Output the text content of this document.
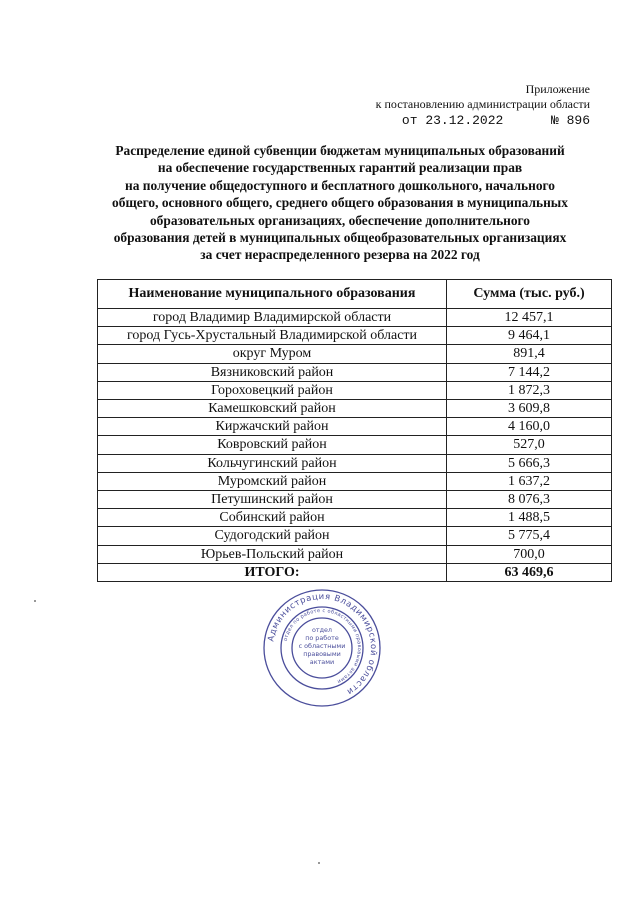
Приложение
к постановлению администрации области
от 23.12.2022	№ 896
Распределение единой субвенции бюджетам муниципальных образований
на обеспечение государственных гарантий реализации прав
на получение общедоступного и бесплатного дошкольного, начального
общего, основного общего, среднего общего образования в муниципальных
образовательных организациях, обеспечение дополнительного
образования детей в муниципальных общеобразовательных организациях
за счет нераспределенного резерва на 2022 год
Наименование муниципального образования	Сумма (тыс. руб.)
город Владимир Владимирской области	12 457,1
город Гусь-Хрустальный Владимирской области	9 464,1
округ Муром	891,4
Вязниковский район	7 144,2
Гороховецкий район	1 872,3
Камешковский район	3 609,8
Киржачский район	4 160,0
Ковровский район	527,0
Кольчугинский район	5 666,3
Муромский район	1 637,2
Петушинский район	8 076,3
Собинский район	1 488,5
Судогодский район	5 775,4
Юрьев-Польский район	700,0
ИТОГО:	63 469,6
Администрация Владимирской области
отдел по работе с областными правовыми актами
отдел
по работе
с областными
правовыми
актами
